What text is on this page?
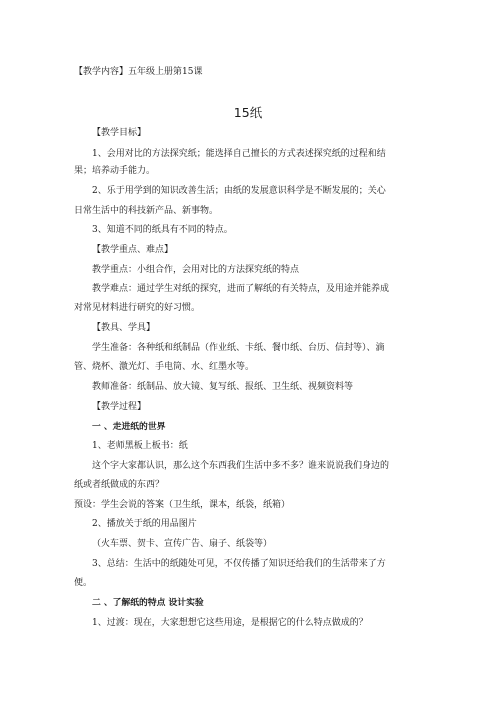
【教学内容】五年级上册第15课
15纸
【教学目标】
1、会用对比的方法探究纸；能选择自己擅长的方式表述探究纸的过程和结
果；培养动手能力。
2、乐于用学到的知识改善生活；由纸的发展意识科学是不断发展的；关心
日常生活中的科技新产品、新事物。
3、知道不同的纸具有不同的特点。
【教学重点、难点】
教学重点：小组合作，会用对比的方法探究纸的特点
教学难点：通过学生对纸的探究，进而了解纸的有关特点，及用途并能养成
对常见材料进行研究的好习惯。
【教具、学具】
学生准备：各种纸和纸制品（作业纸、卡纸、餐巾纸、台历、信封等）、滴
管、烧杯、激光灯、手电筒、水、红墨水等。
教师准备：纸制品、放大镜、复写纸、报纸、卫生纸、视频资料等
【教学过程】
一 、走进纸的世界
1、老师黑板上板书：纸
这个字大家都认识，那么这个东西我们生活中多不多？谁来说说我们身边的
纸或者纸做成的东西？
预设：学生会说的答案（卫生纸，课本，纸袋，纸箱）
2、播放关于纸的用品图片
（火车票、贺卡、宣传广告、扇子、纸袋等）
3、总结：生活中的纸随处可见，不仅传播了知识还给我们的生活带来了方
便。
二 、了解纸的特点 设计实验
1、过渡：现在，大家想想它这些用途，是根据它的什么特点做成的？
